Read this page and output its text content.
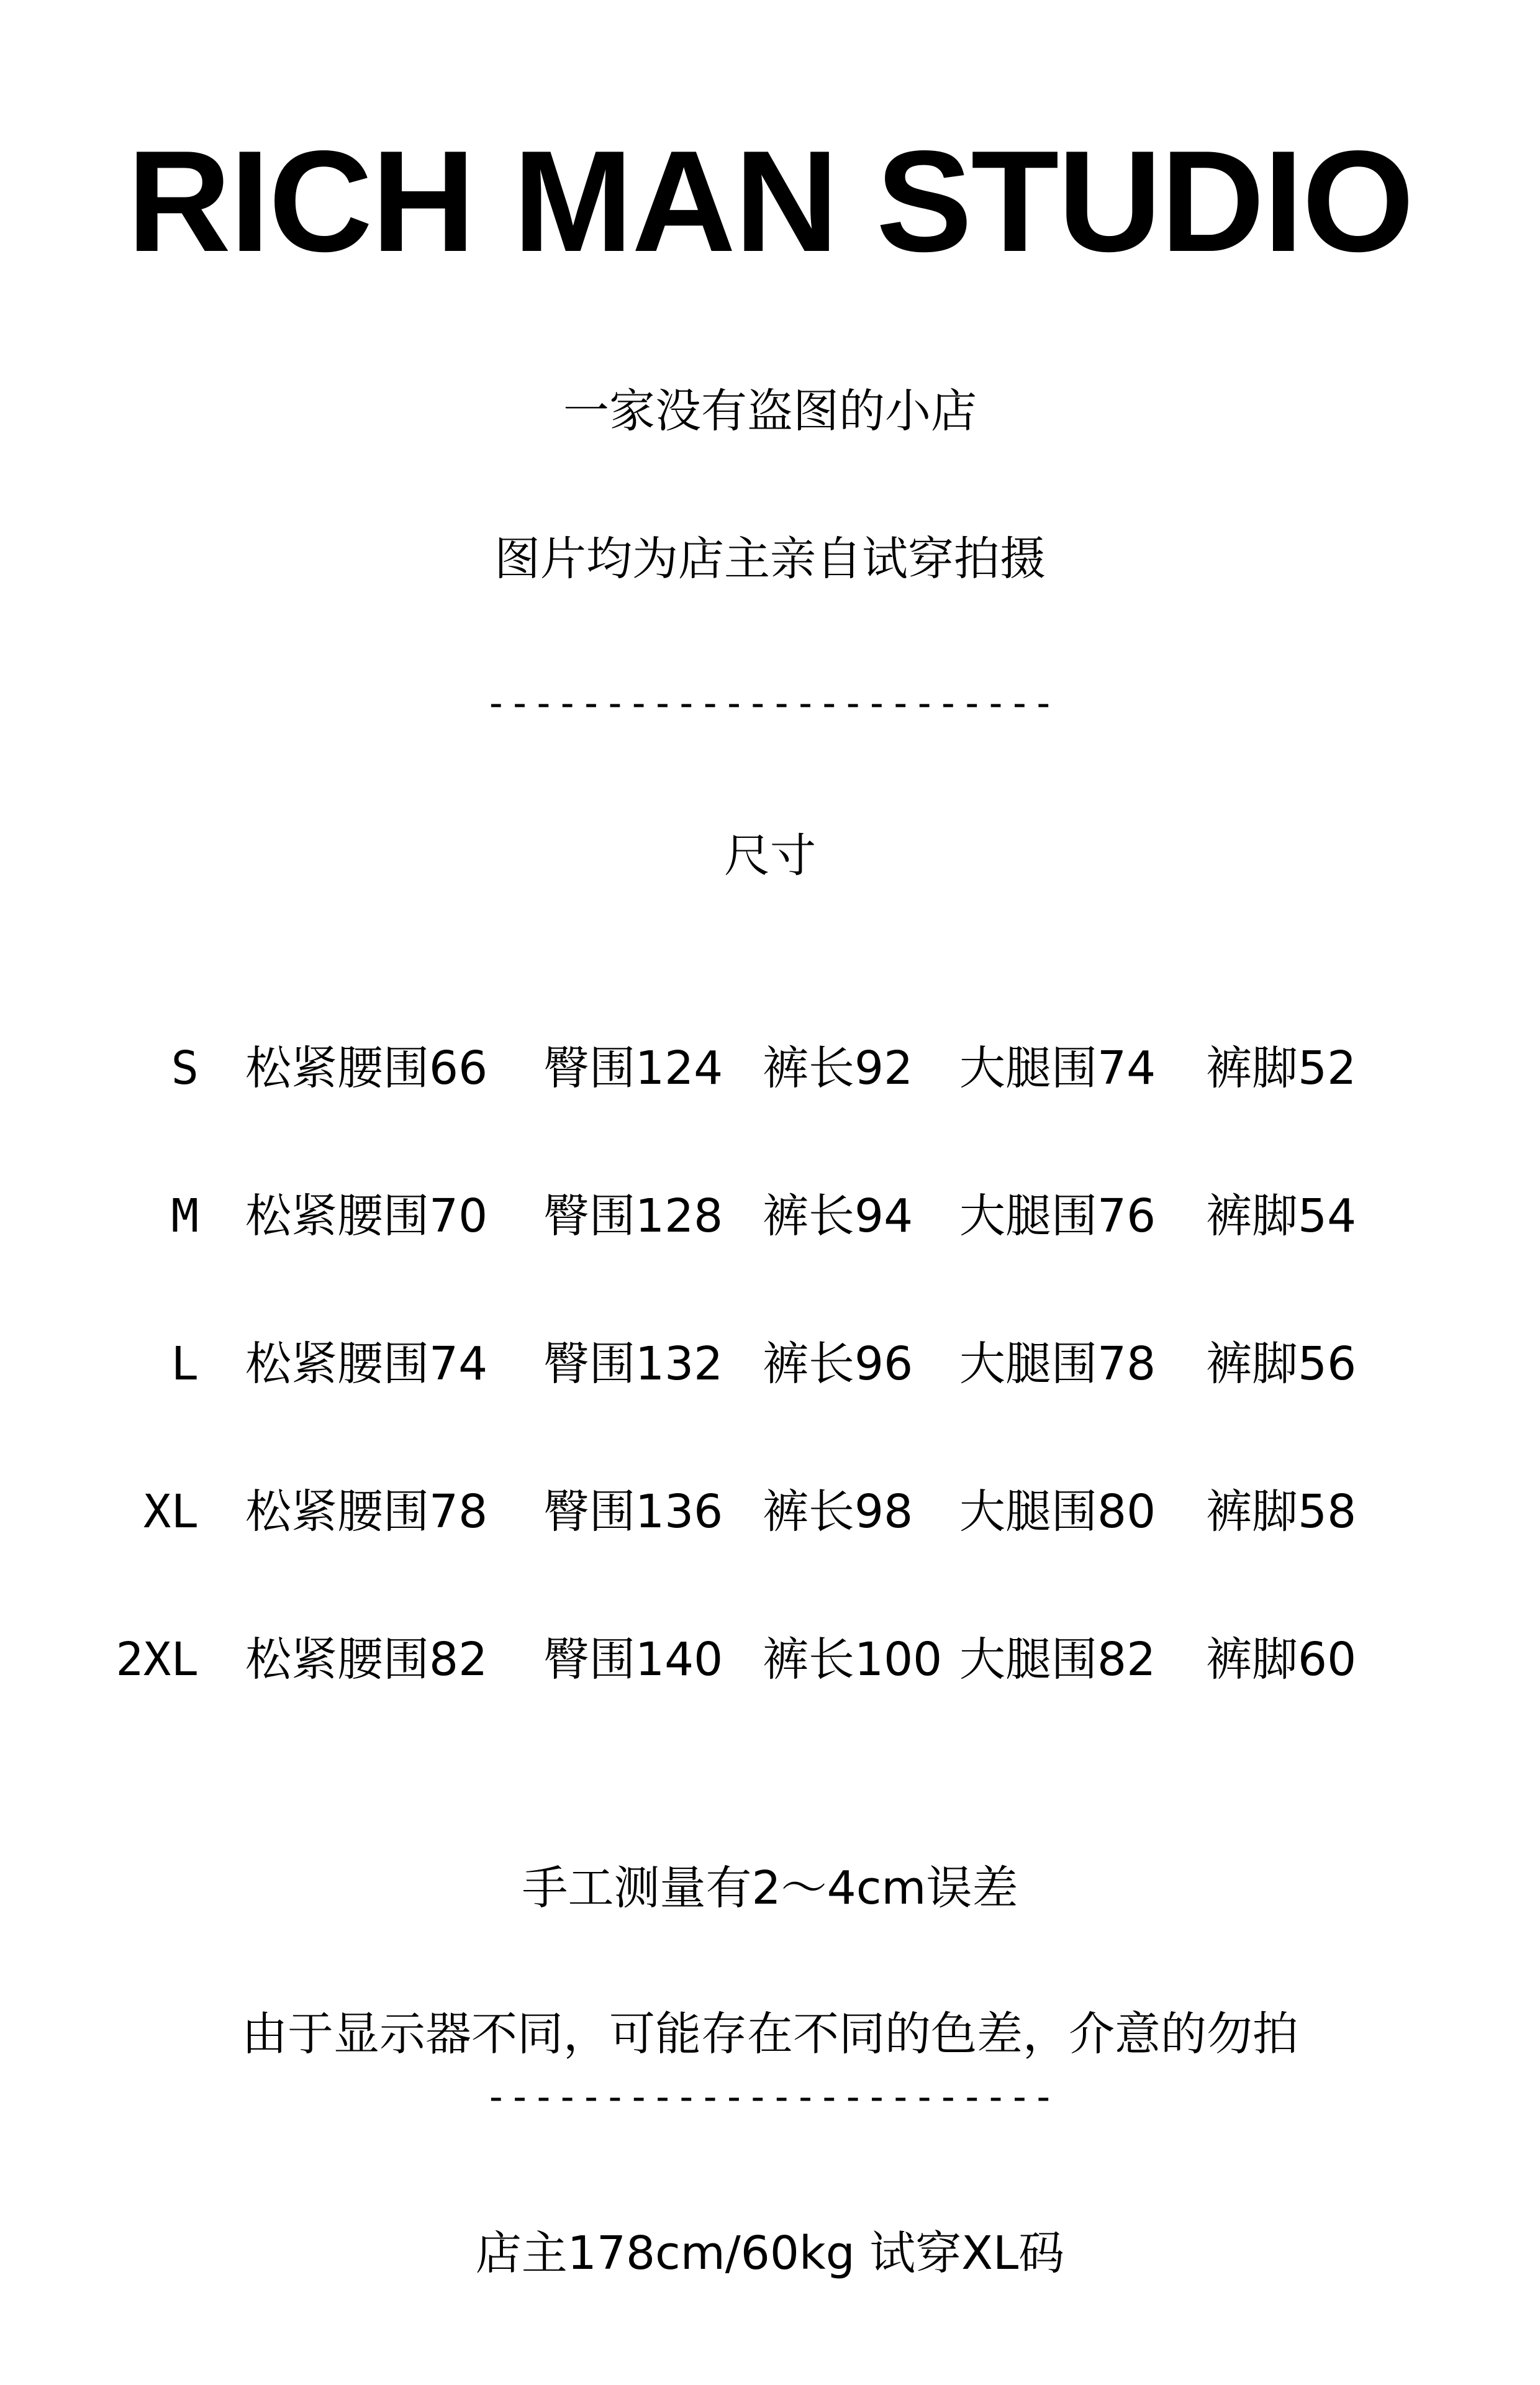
RICH MAN STUDIO
一家没有盗图的小店
图片均为店主亲自试穿拍摄
------------------------
尺寸
S 松紧腰围66 臀围124 裤长92 大腿围74 裤脚52
M 松紧腰围70 臀围128 裤长94 大腿围76 裤脚54
L 松紧腰围74 臀围132 裤长96 大腿围78 裤脚56
XL 松紧腰围78 臀围136 裤长98 大腿围80 裤脚58
2XL 松紧腰围82 臀围140 裤长100 大腿围82 裤脚60
手工测量有2～4cm误差
由于显示器不同，可能存在不同的色差，介意的勿拍
------------------------
店主178cm/60kg 试穿XL码
